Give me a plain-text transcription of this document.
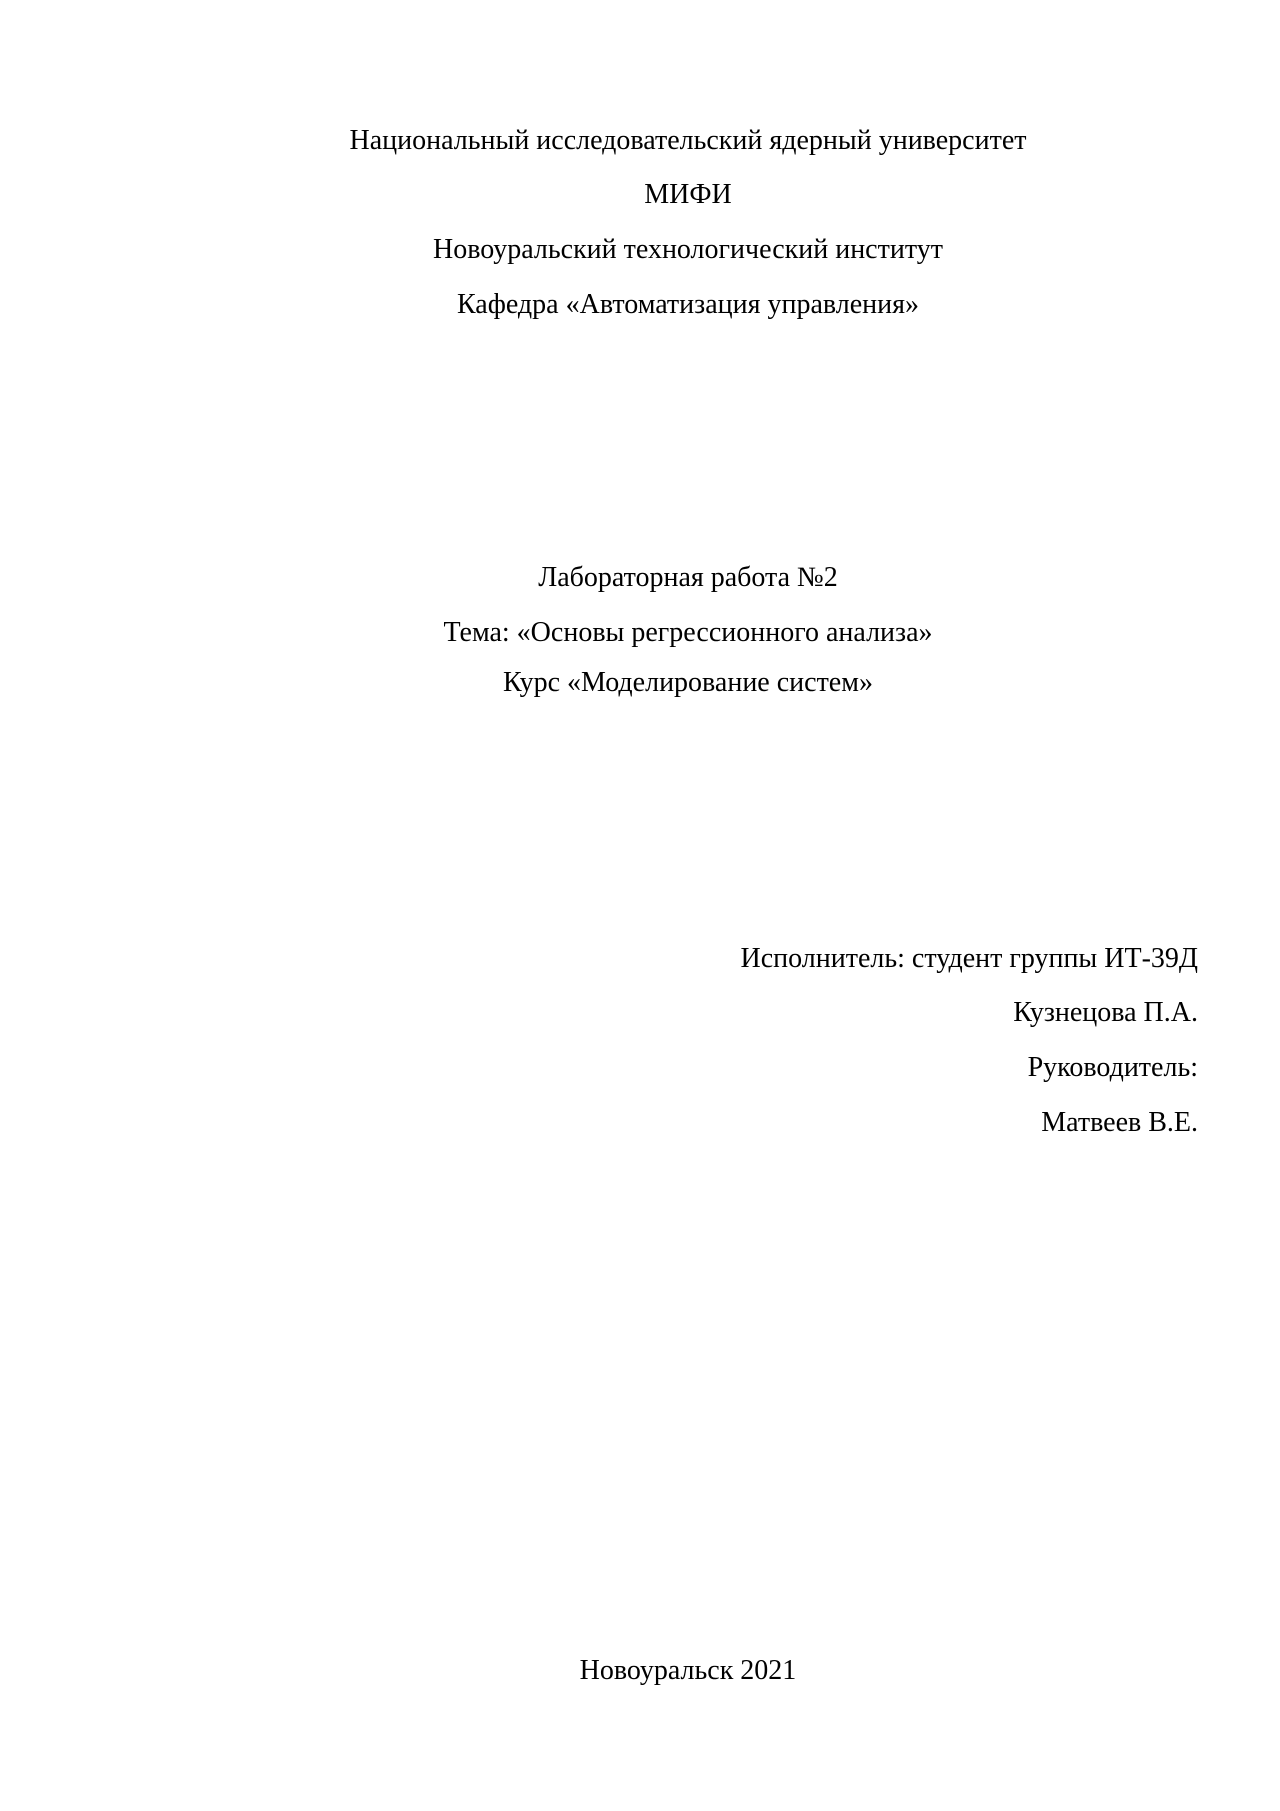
Национальный исследовательский ядерный университет
МИФИ
Новоуральский технологический институт
Кафедра «Автоматизация управления»
Лабораторная работа №2
Тема: «Основы регрессионного анализа»
Курс «Моделирование систем»
Исполнитель: студент группы ИТ-39Д
Кузнецова П.А.
Руководитель:
Матвеев В.Е.
Новоуральск 2021
